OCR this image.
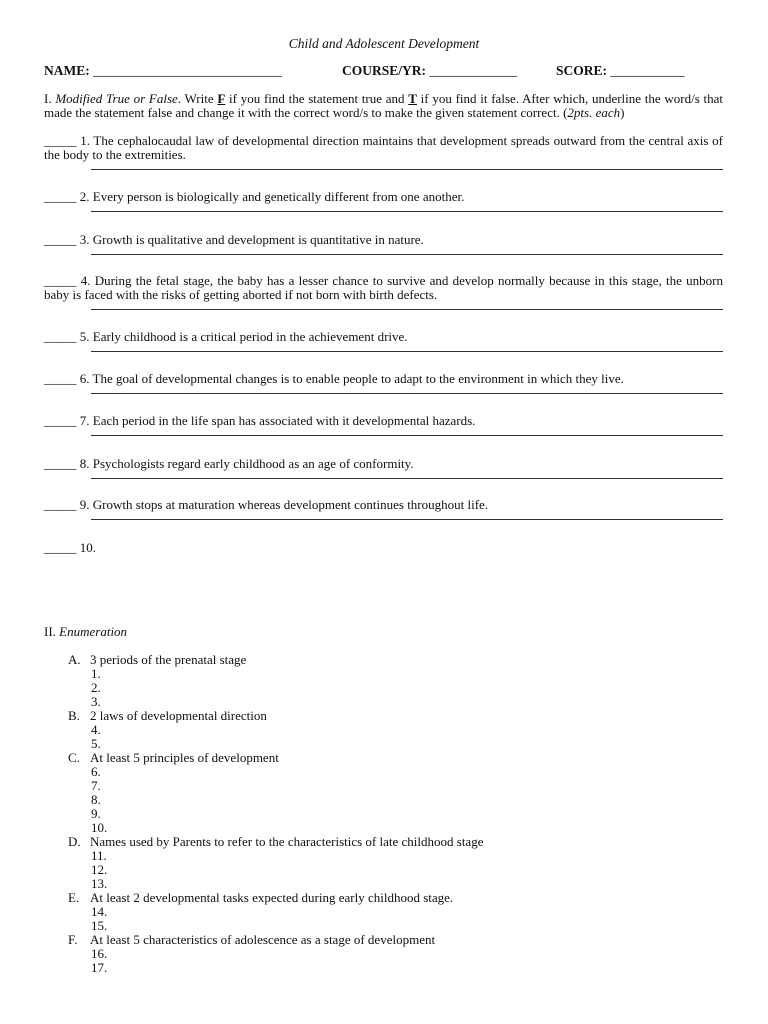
Child and Adolescent Development
NAME: ____________________________	COURSE/YR: _____________	SCORE: ___________
I. Modified True or False. Write F if you find the statement true and T if you find it false. After which, underline the word/s that made the statement false and change it with the correct word/s to make the given statement correct. (2pts. each)
_____ 1. The cephalocaudal law of developmental direction maintains that development spreads outward from the central axis of the body to the extremities.
_____ 2. Every person is biologically and genetically different from one another.
_____ 3. Growth is qualitative and development is quantitative in nature.
_____ 4. During the fetal stage, the baby has a lesser chance to survive and develop normally because in this stage, the unborn baby is faced with the risks of getting aborted if not born with birth defects.
_____ 5. Early childhood is a critical period in the achievement drive.
_____ 6. The goal of developmental changes is to enable people to adapt to the environment in which they live.
_____ 7. Each period in the life span has associated with it developmental hazards.
_____ 8. Psychologists regard early childhood as an age of conformity.
_____ 9. Growth stops at maturation whereas development continues throughout life.
_____ 10.
II. Enumeration
A. 3 periods of the prenatal stage
1.
2.
3.
B. 2 laws of developmental direction
4.
5.
C. At least 5 principles of development
6.
7.
8.
9.
10.
D. Names used by Parents to refer to the characteristics of late childhood stage
11.
12.
13.
E. At least 2 developmental tasks expected during early childhood stage.
14.
15.
F. At least 5 characteristics of adolescence as a stage of development
16.
17.
